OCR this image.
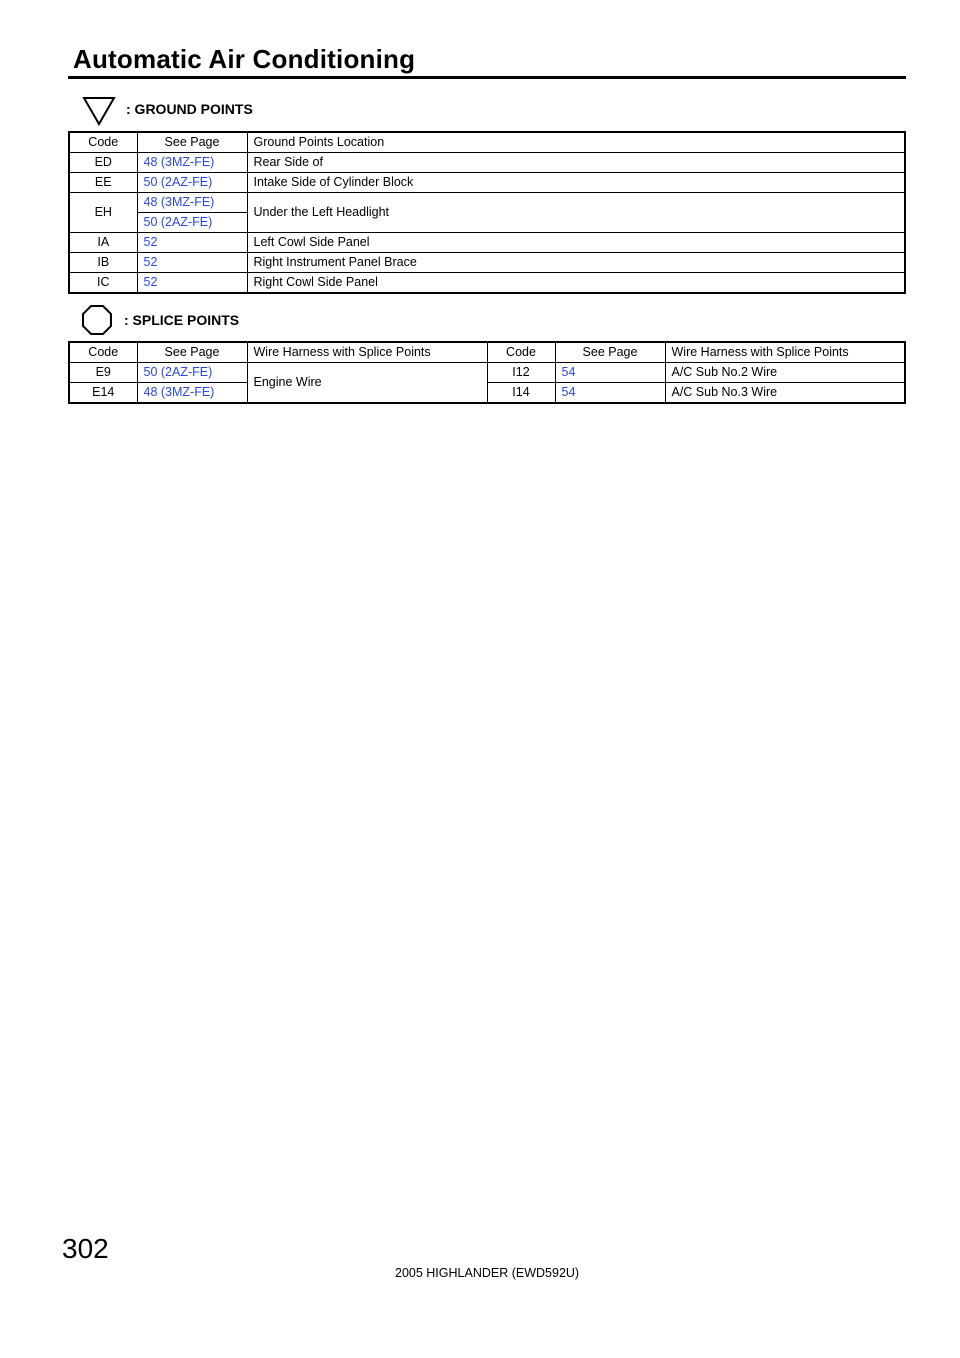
Automatic Air Conditioning
: GROUND POINTS
Code	See Page	Ground Points Location
ED	48 (3MZ-FE)	Rear Side of
EE	50 (2AZ-FE)	Intake Side of Cylinder Block
EH	48 (3MZ-FE)	Under the Left Headlight
	50 (2AZ-FE)	
IA	52	Left Cowl Side Panel
IB	52	Right Instrument Panel Brace
IC	52	Right Cowl Side Panel
: SPLICE POINTS
Code	See Page	Wire Harness with Splice Points	Code	See Page	Wire Harness with Splice Points
E9	50 (2AZ-FE)	Engine Wire	I12	54	A/C Sub No.2 Wire
E14	48 (3MZ-FE)		I14	54	A/C Sub No.3 Wire
302
2005 HIGHLANDER (EWD592U)
